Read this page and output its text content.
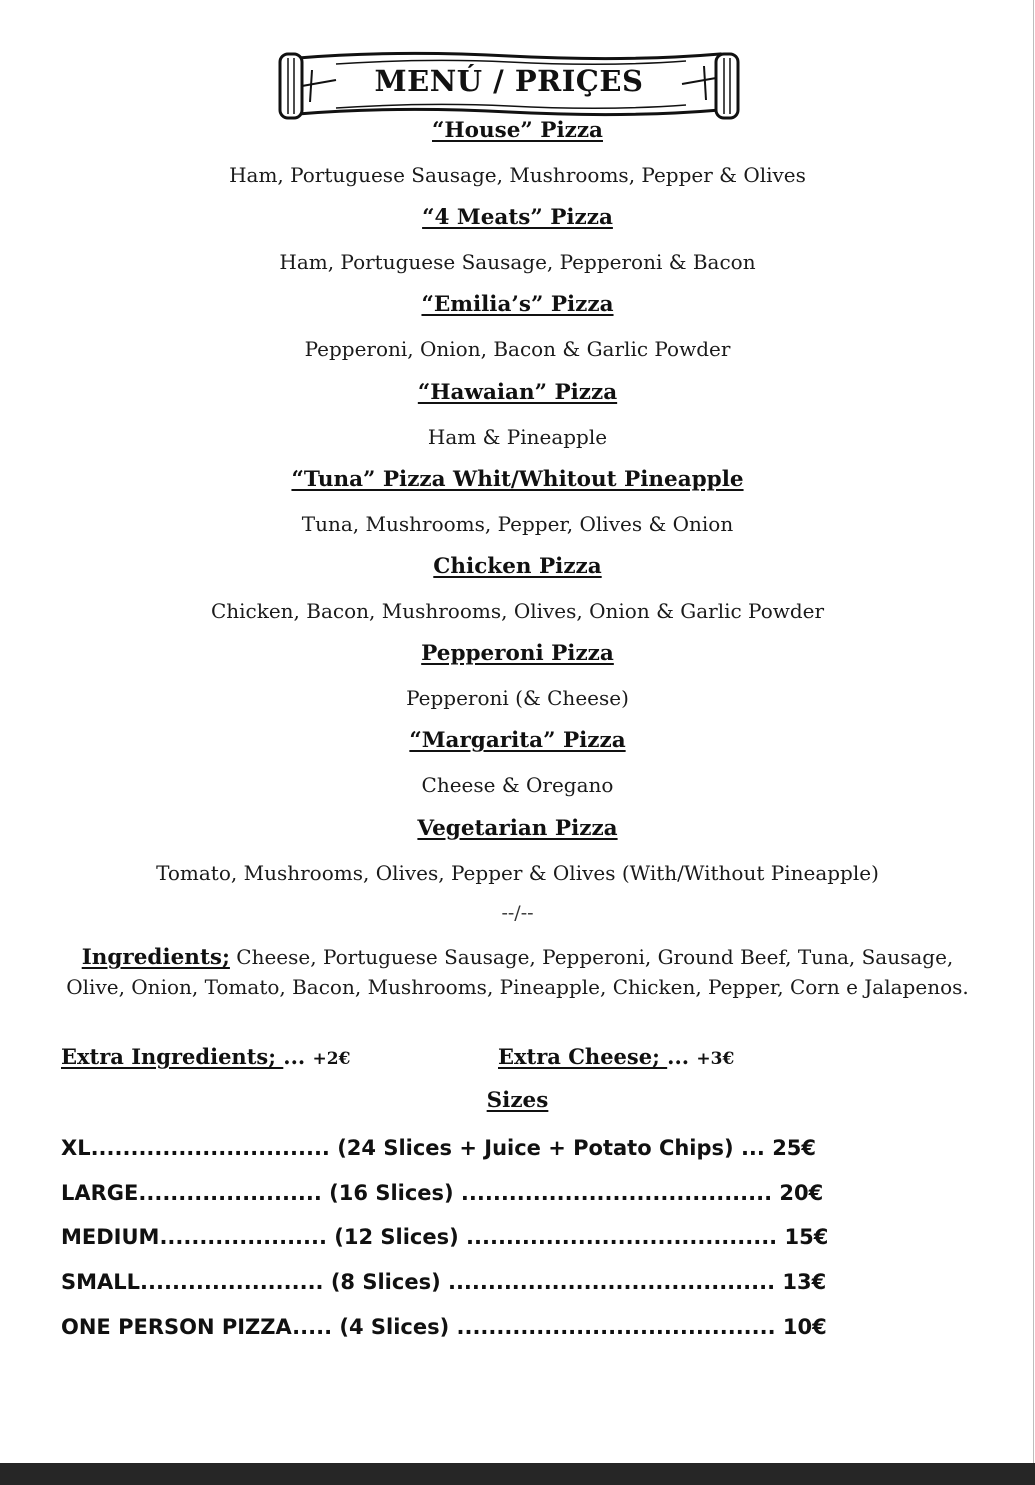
MENÚ / PRIÇES
“House” Pizza
Ham, Portuguese Sausage, Mushrooms, Pepper & Olives
“4 Meats” Pizza
Ham, Portuguese Sausage, Pepperoni & Bacon
“Emilia’s” Pizza
Pepperoni, Onion, Bacon & Garlic Powder
“Hawaian” Pizza
Ham & Pineapple
“Tuna” Pizza Whit/Whitout Pineapple
Tuna, Mushrooms, Pepper, Olives & Onion
Chicken Pizza
Chicken, Bacon, Mushrooms, Olives, Onion & Garlic Powder
Pepperoni Pizza
Pepperoni (& Cheese)
“Margarita” Pizza
Cheese & Oregano
Vegetarian Pizza
Tomato, Mushrooms, Olives, Pepper & Olives (With/Without Pineapple)
--/--
Ingredients; Cheese, Portuguese Sausage, Pepperoni, Ground Beef, Tuna, Sausage, Olive, Onion, Tomato, Bacon, Mushrooms, Pineapple, Chicken, Pepper, Corn e Jalapenos.
Extra Ingredients; ... +2€	Extra Cheese; ... +3€
Sizes
XL.............................. (24 Slices + Juice + Potato Chips) ... 25€
LARGE....................... (16 Slices) ....................................... 20€
MEDIUM..................... (12 Slices) ....................................... 15€
SMALL....................... (8 Slices) ......................................... 13€
ONE PERSON PIZZA..... (4 Slices) ........................................ 10€
